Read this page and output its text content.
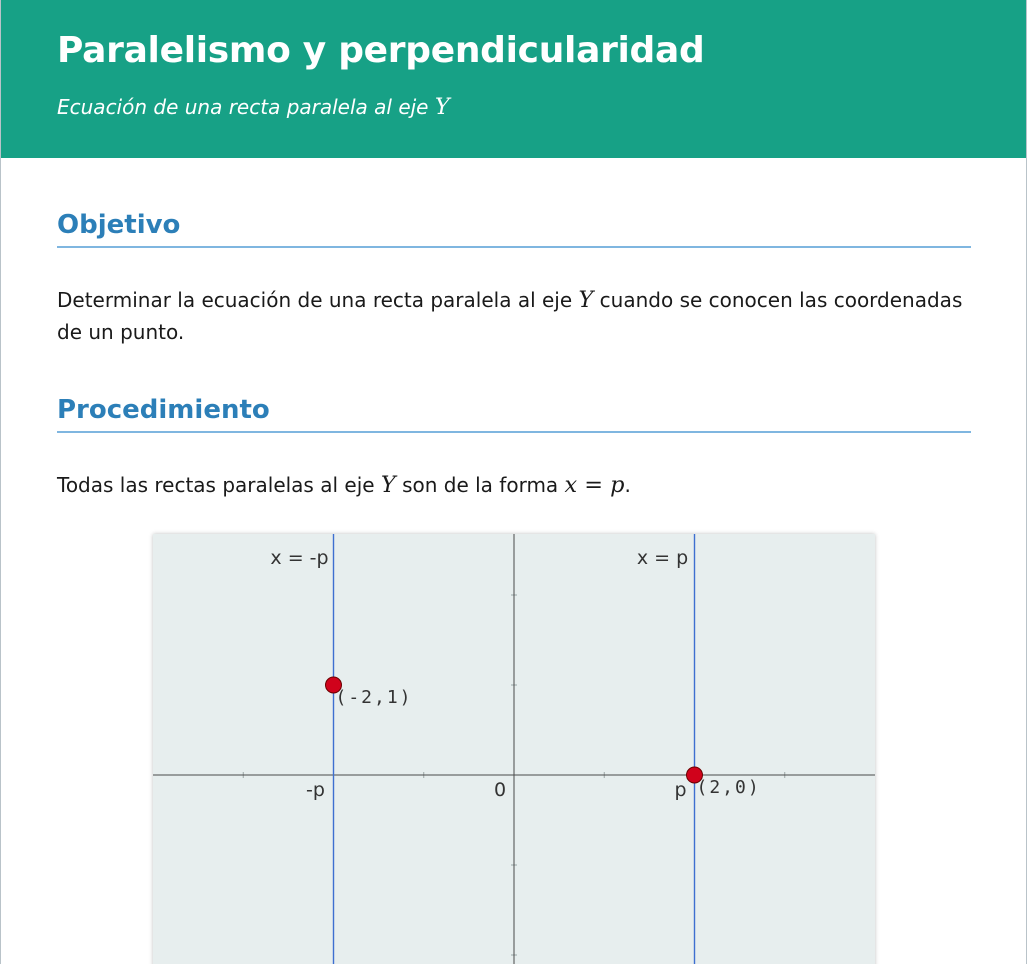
Paralelismo y perpendicularidad
Ecuación de una recta paralela al eje Y
Objetivo

Determinar la ecuación de una recta paralela al eje Y cuando se conocen las coordenadas de un punto.

Procedimiento

Todas las rectas paralelas al eje Y son de la forma x = p.

x = -p	x = p
-p	0	p
(-2,1)
(2,0)
